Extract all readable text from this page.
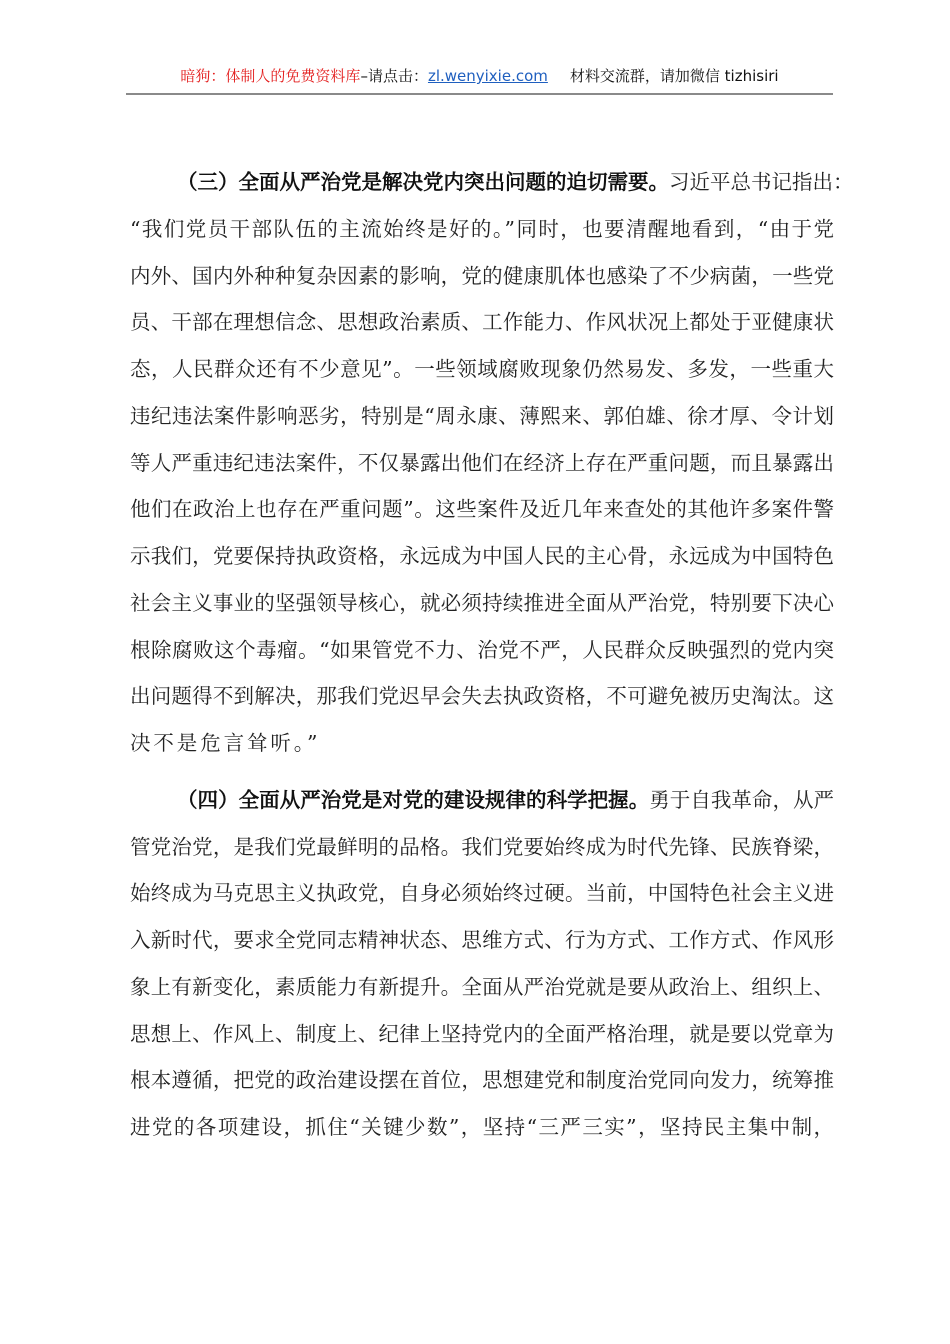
暗狗：体制人的免费资料库–请点击：zl.wenyixie.com 材料交流群，请加微信 tizhisiri
（三）全面从严治党是解决党内突出问题的迫切需要。习近平总书记指出：
“我们党员干部队伍的主流始终是好的。”同时，也要清醒地看到，“由于党
内外、国内外种种复杂因素的影响，党的健康肌体也感染了不少病菌，一些党
员、干部在理想信念、思想政治素质、工作能力、作风状况上都处于亚健康状
态，人民群众还有不少意见”。一些领域腐败现象仍然易发、多发，一些重大
违纪违法案件影响恶劣，特别是“周永康、薄熙来、郭伯雄、徐才厚、令计划
等人严重违纪违法案件，不仅暴露出他们在经济上存在严重问题，而且暴露出
他们在政治上也存在严重问题”。这些案件及近几年来查处的其他许多案件警
示我们，党要保持执政资格，永远成为中国人民的主心骨，永远成为中国特色
社会主义事业的坚强领导核心，就必须持续推进全面从严治党，特别要下决心
根除腐败这个毒瘤。“如果管党不力、治党不严，人民群众反映强烈的党内突
出问题得不到解决，那我们党迟早会失去执政资格，不可避免被历史淘汰。这
决不是危言耸听。”
（四）全面从严治党是对党的建设规律的科学把握。勇于自我革命，从严
管党治党，是我们党最鲜明的品格。我们党要始终成为时代先锋、民族脊梁，
始终成为马克思主义执政党，自身必须始终过硬。当前，中国特色社会主义进
入新时代，要求全党同志精神状态、思维方式、行为方式、工作方式、作风形
象上有新变化，素质能力有新提升。全面从严治党就是要从政治上、组织上、
思想上、作风上、制度上、纪律上坚持党内的全面严格治理，就是要以党章为
根本遵循，把党的政治建设摆在首位，思想建党和制度治党同向发力，统筹推
进党的各项建设，抓住“关键少数”，坚持“三严三实”，坚持民主集中制，
